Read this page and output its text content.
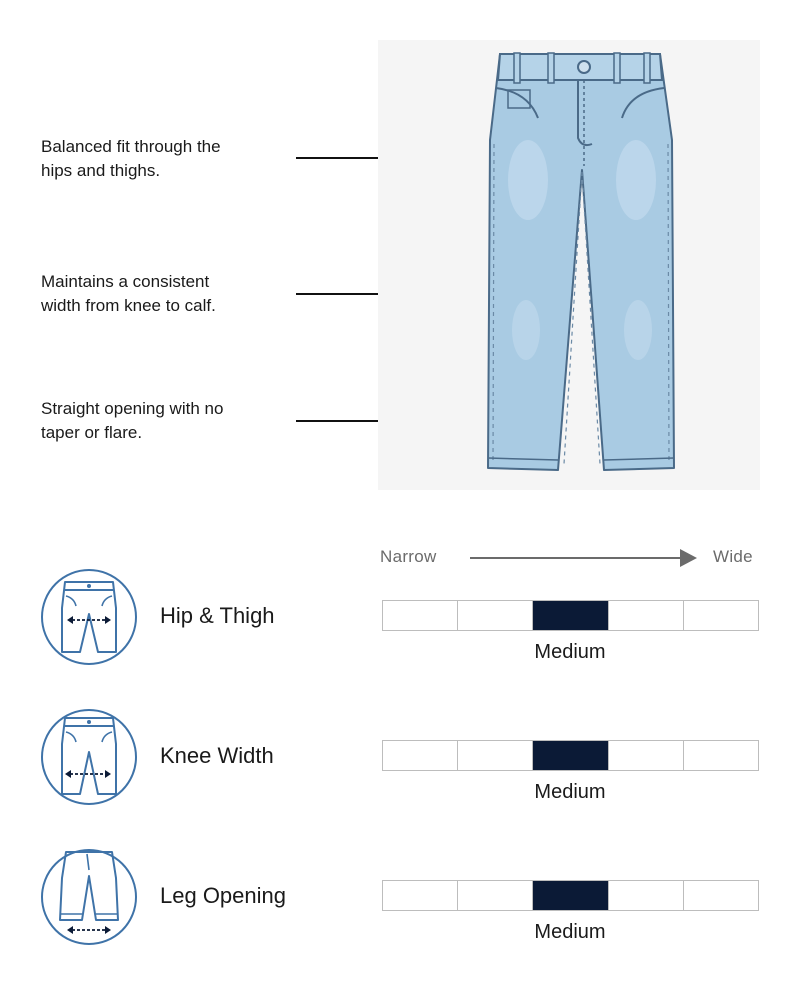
Balanced fit through the
hips and thighs.
Maintains a consistent
width from knee to calf.
Straight opening with no
taper or flare.
Narrow	Wide
Hip & Thigh
Medium
Knee Width
Medium
Leg Opening
Medium
